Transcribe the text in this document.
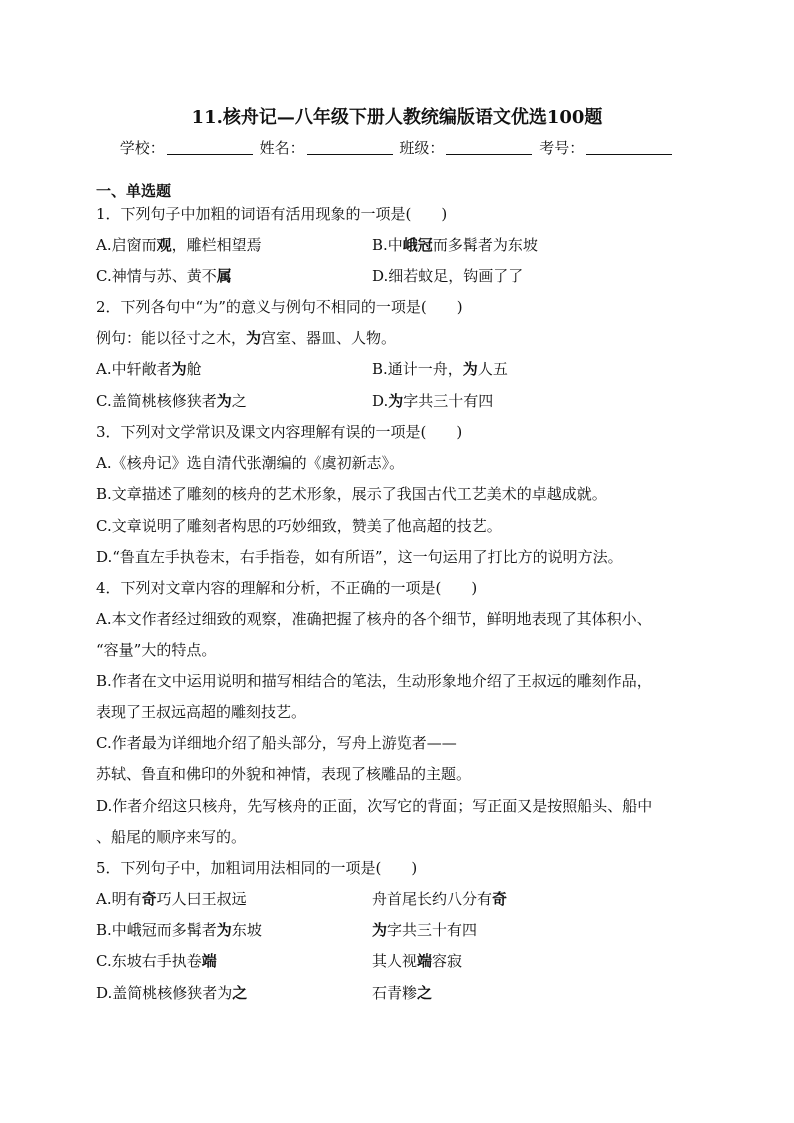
11.核舟记—八年级下册人教统编版语文优选100题
学校：	姓名：	班级：	考号：
一、单选题
1．下列句子中加粗的词语有活用现象的一项是(　　)
A.启窗而观，雕栏相望焉	B.中峨冠而多髯者为东坡
C.神情与苏、黄不属	D.细若蚊足，钩画了了
2．下列各句中“为”的意义与例句不相同的一项是(　　)
例句：能以径寸之木，为宫室、器皿、人物。
A.中轩敞者为舱	B.通计一舟，为人五
C.盖简桃核修狭者为之	D.为字共三十有四
3．下列对文学常识及课文内容理解有误的一项是(　　)
A.《核舟记》选自清代张潮编的《虞初新志》。
B.文章描述了雕刻的核舟的艺术形象，展示了我国古代工艺美术的卓越成就。
C.文章说明了雕刻者构思的巧妙细致，赞美了他高超的技艺。
D.“鲁直左手执卷末，右手指卷，如有所语”，这一句运用了打比方的说明方法。
4．下列对文章内容的理解和分析，不正确的一项是(　　)
A.本文作者经过细致的观察，准确把握了核舟的各个细节，鲜明地表现了其体积小、
“容量”大的特点。
B.作者在文中运用说明和描写相结合的笔法，生动形象地介绍了王叔远的雕刻作品，
表现了王叔远高超的雕刻技艺。
C.作者最为详细地介绍了船头部分，写舟上游览者——
苏轼、鲁直和佛印的外貌和神情，表现了核雕品的主题。
D.作者介绍这只核舟，先写核舟的正面，次写它的背面；写正面又是按照船头、船中
、船尾的顺序来写的。
5．下列句子中，加粗词用法相同的一项是(　　)
A.明有奇巧人曰王叔远	舟首尾长约八分有奇
B.中峨冠而多髯者为东坡	为字共三十有四
C.东坡右手执卷端	其人视端容寂
D.盖简桃核修狭者为之	石青糁之
